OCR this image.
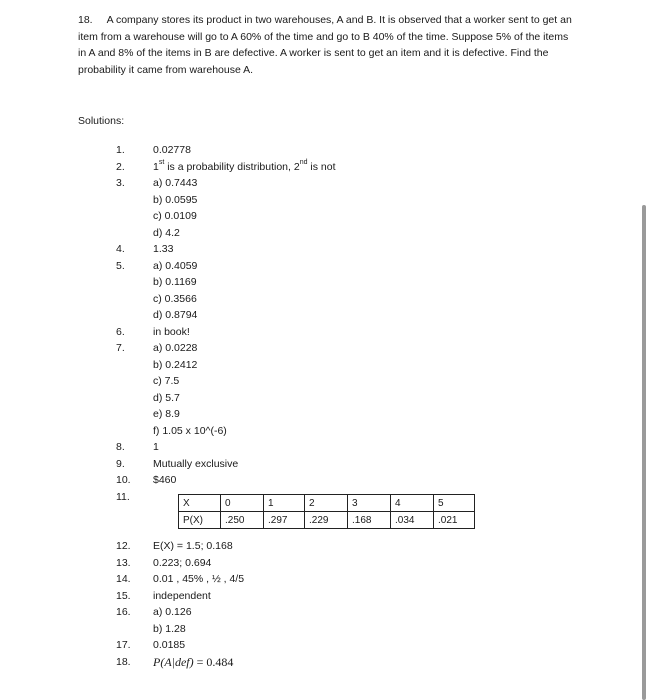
18. A company stores its product in two warehouses, A and B. It is observed that a worker sent to get an item from a warehouse will go to A 60% of the time and go to B 40% of the time. Suppose 5% of the items in A and 8% of the items in B are defective. A worker is sent to get an item and it is defective. Find the probability it came from warehouse A.
Solutions:
1.	0.02778
2.	1st is a probability distribution, 2nd is not
3.	a) 0.7443
b) 0.0595
c) 0.0109
d) 4.2
4.	1.33
5.	a) 0.4059
b) 0.1169
c) 0.3566
d) 0.8794
6.	in book!
7.	a) 0.0228
b) 0.2412
c) 7.5
d) 5.7
e) 8.9
f) 1.05 x 10^(-6)
8.	1
9.	Mutually exclusive
10. $460
11.
X	0	1	2	3	4	5
P(X)	.250	.297	.229	.168	.034	.021
12. E(X) = 1.5; 0.168
13. 0.223; 0.694
14. 0.01 , 45% , ½ , 4/5
15. independent
16. a) 0.126
b) 1.28
17. 0.0185
18. P(A|def) = 0.484
